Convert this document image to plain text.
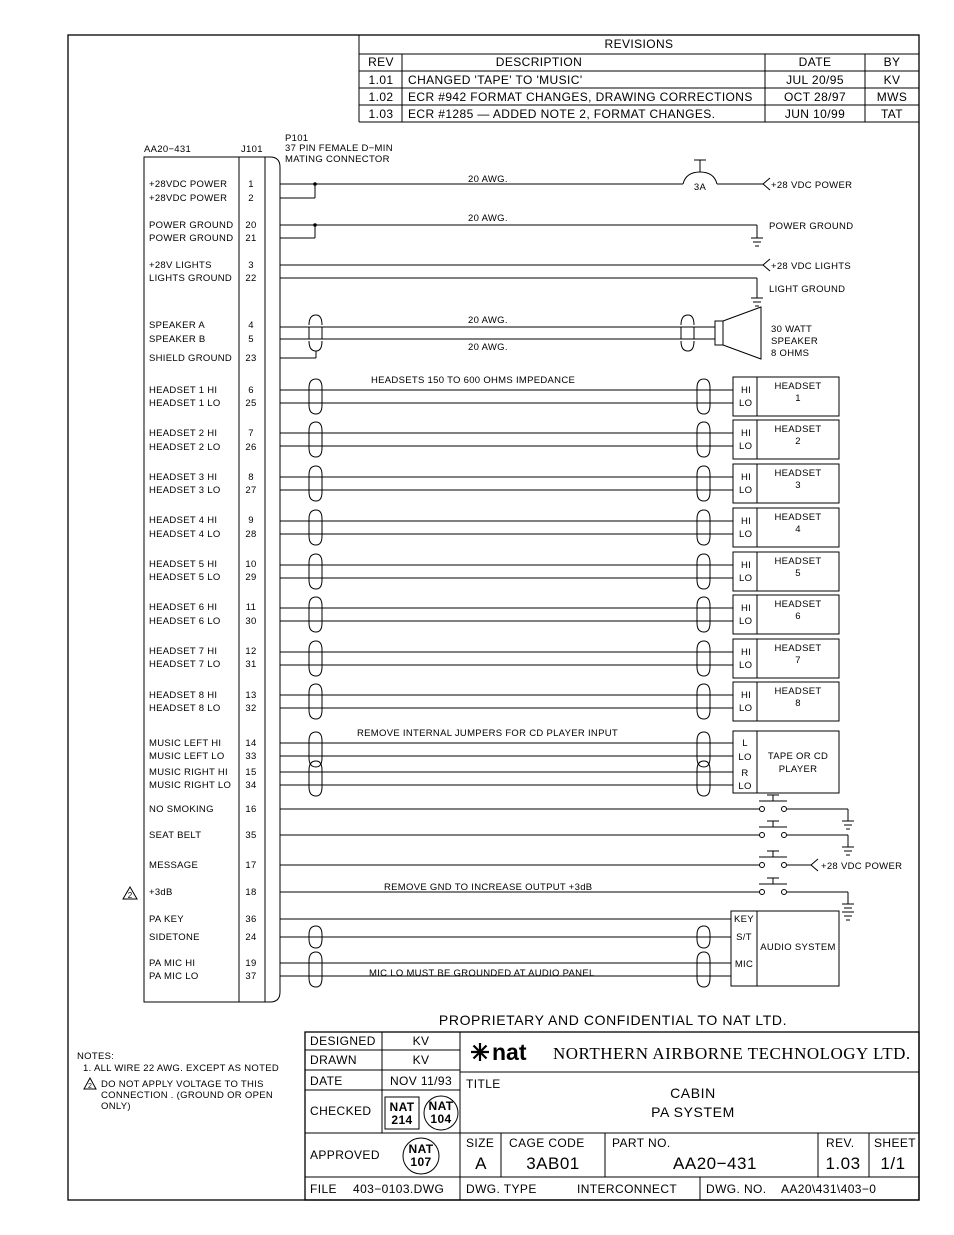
REVISIONS
REV	DESCRIPTION	DATE	BY
1.01 CHANGED 'TAPE' TO 'MUSIC'	JUL 20/95	KV
1.02 ECR #942 FORMAT CHANGES, DRAWING CORRECTIONS	OCT 28/97	MWS
1.03 ECR #1285 — ADDED NOTE 2, FORMAT CHANGES.	JUN 10/99	TAT
AA20−431	J101
P101
37 PIN FEMALE D−MIN
MATING CONNECTOR
+28VDC POWER 1
+28VDC POWER 2
POWER GROUND 20
POWER GROUND 21
+28V LIGHTS	3
LIGHTS GROUND 22
SPEAKER A	4
SPEAKER B	5
SHIELD GROUND 23
HEADSET 1 HI	6
HEADSET 1 LO	25
HEADSET 2 HI	7
HEADSET 2 LO	26
HEADSET 3 HI	8
HEADSET 3 LO	27
HEADSET 4 HI	9
HEADSET 4 LO	28
HEADSET 5 HI	10
HEADSET 5 LO	29
HEADSET 6 HI	11
HEADSET 6 LO	30
HEADSET 7 HI	12
HEADSET 7 LO	31
HEADSET 8 HI	13
HEADSET 8 LO	32
MUSIC LEFT HI	14
MUSIC LEFT LO 33
MUSIC RIGHT HI 15
MUSIC RIGHT LO 34
NO SMOKING	16
SEAT BELT	35
MESSAGE	17
+3dB	18
PA KEY	36
SIDETONE	24
PA MIC HI	19
PA MIC LO	37
20 AWG.
20 AWG.
20 AWG.
20 AWG.
HEADSETS 150 TO 600 OHMS IMPEDANCE
REMOVE INTERNAL JUMPERS FOR CD PLAYER INPUT
REMOVE GND TO INCREASE OUTPUT +3dB
MIC LO MUST BE GROUNDED AT AUDIO PANEL
3A	+28 VDC POWER
POWER GROUND
+28 VDC LIGHTS
LIGHT GROUND
30 WATT
SPEAKER
8 OHMS
HI
LO
HEADSET
1
HI
LO
HEADSET
2
HI
LO
HEADSET
3
HI
LO
HEADSET
4
HI
LO
HEADSET
5
HI
LO
HEADSET
6
HI
LO
HEADSET
7
HI
LO
HEADSET
8
L
LO
R
LO
TAPE OR CD
PLAYER
+28 VDC POWER
2
KEY
S/T
MIC
AUDIO SYSTEM
PROPRIETARY AND CONFIDENTIAL TO NAT LTD.
NOTES:
1. ALL WIRE 22 AWG. EXCEPT AS NOTED
2 DO NOT APPLY VOLTAGE TO THIS
CONNECTION . (GROUND OR OPEN
ONLY)
DESIGNED	KV
DRAWN	KV
DATE	NOV 11/93
CHECKED
APPROVED
NAT
214
NAT
104
NAT
107
nat NORTHERN AIRBORNE TECHNOLOGY LTD.
TITLE
CABIN
PA SYSTEM
SIZE
A
CAGE CODE
3AB01
PART NO.
AA20−431
REV.
1.03
SHEET
1/1
FILE 403−0103.DWG DWG. TYPE	INTERCONNECT DWG. NO. AA20\431\403−0
